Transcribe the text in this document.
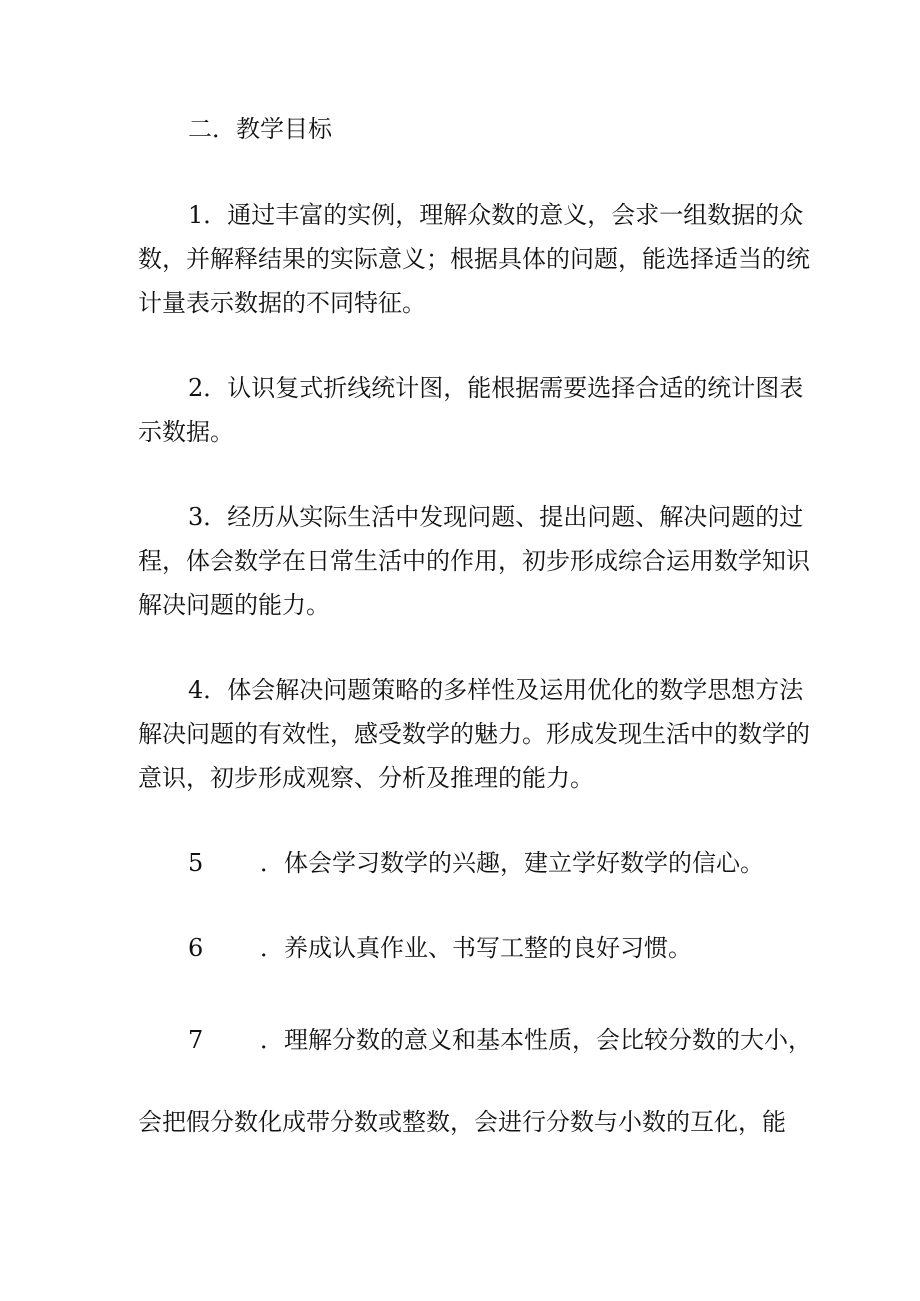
二．教学目标
1．通过丰富的实例，理解众数的意义，会求一组数据的众
数，并解释结果的实际意义；根据具体的问题，能选择适当的统
计量表示数据的不同特征。
2．认识复式折线统计图，能根据需要选择合适的统计图表
示数据。
3．经历从实际生活中发现问题、提出问题、解决问题的过
程，体会数学在日常生活中的作用，初步形成综合运用数学知识
解决问题的能力。
4．体会解决问题策略的多样性及运用优化的数学思想方法
解决问题的有效性，感受数学的魅力。形成发现生活中的数学的
意识，初步形成观察、分析及推理的能力。
5 ．体会学习数学的兴趣，建立学好数学的信心。
6 ．养成认真作业、书写工整的良好习惯。
7 ．理解分数的意义和基本性质，会比较分数的大小，
会把假分数化成带分数或整数，会进行分数与小数的互化，能
